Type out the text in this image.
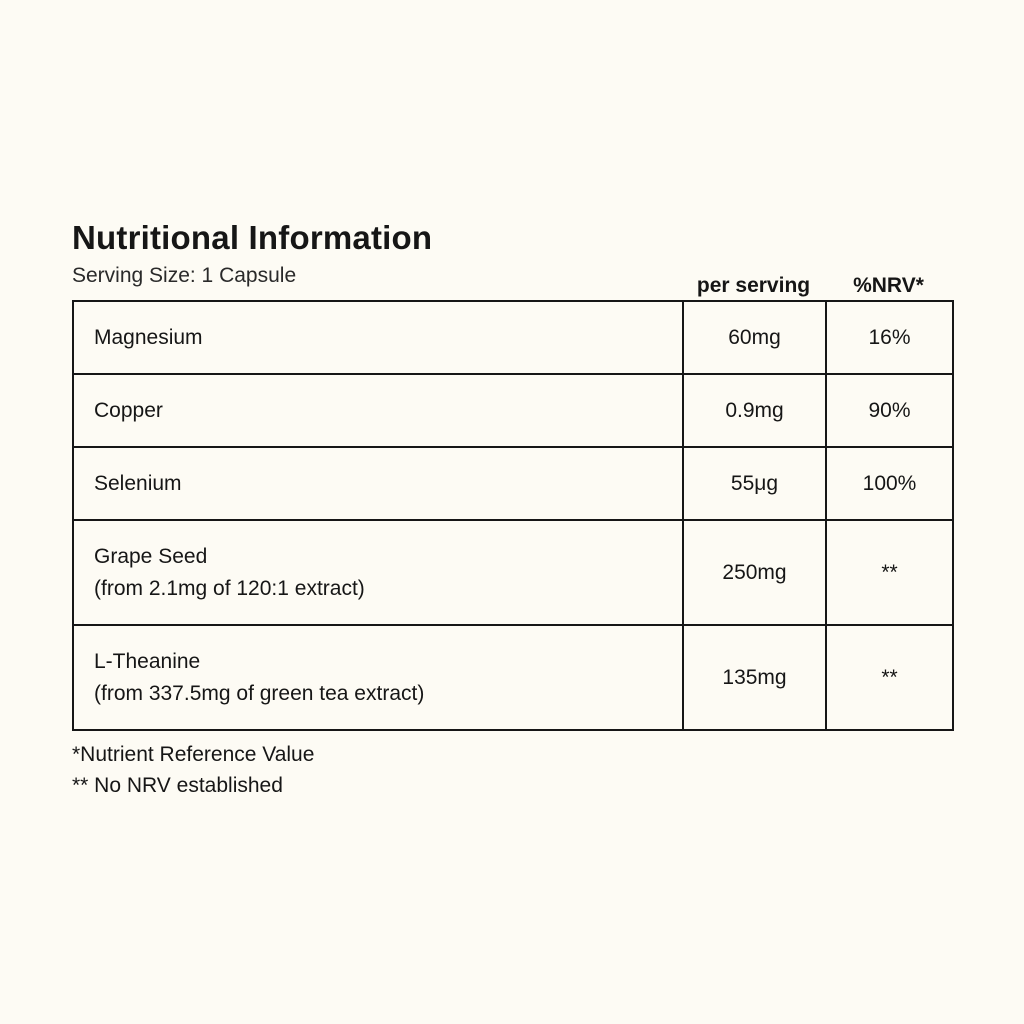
Nutritional Information
Serving Size: 1 Capsule	per serving	%NRV*
Magnesium	60mg	16%
Copper	0.9mg	90%
Selenium	55μg	100%

Grape Seed
(from 2.1mg of 120:1 extract)	250mg	**

L-Theanine
(from 337.5mg of green tea extract)	135mg	**
*Nutrient Reference Value
** No NRV established
